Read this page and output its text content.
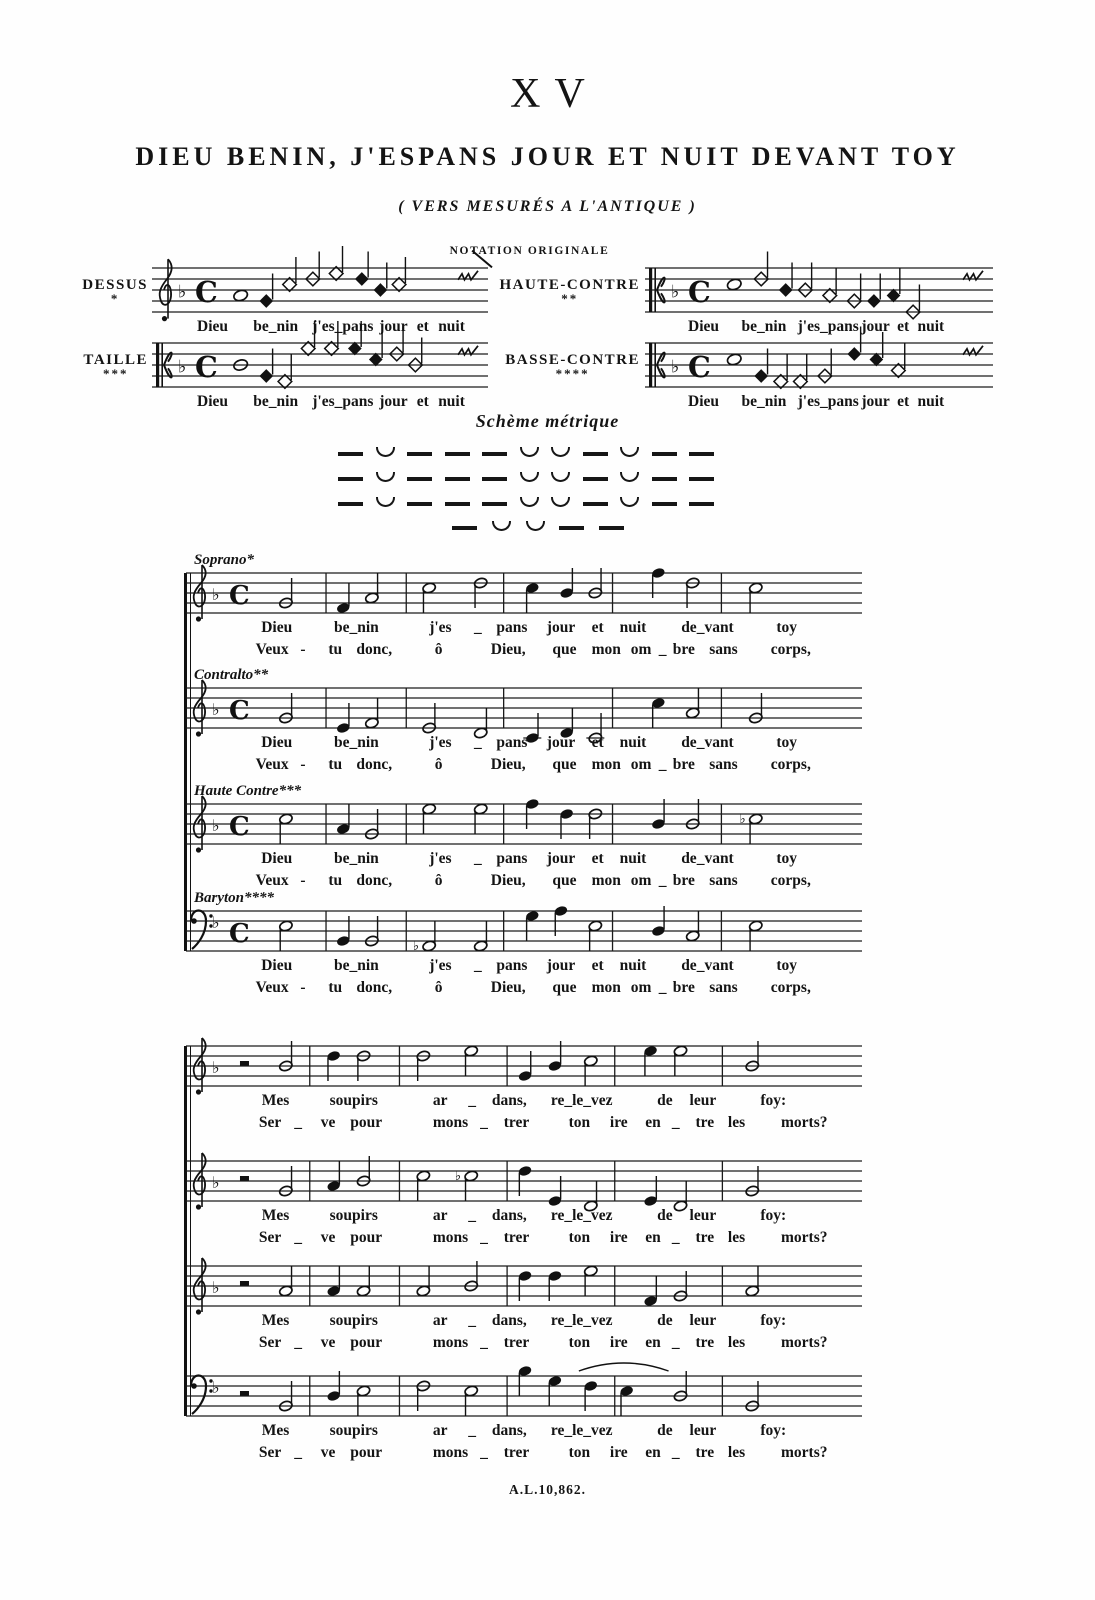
XV
DIEU BENIN, J'ESPANS JOUR ET NUIT DEVANT TOY
( VERS MESURÉS A L'ANTIQUE )
NOTATION ORIGINALE
Schème métrique
A.L.10,862.
DESSUS
*	♭ C
Dieu be_nin j'es_pans jour et nuit
HAUTE-CONTRE
**	♭ C
Dieu be_nin j'es_pans jour et nuit
TAILLE
***	♭ C
Dieu be_nin j'es_pans jour et nuit
BASSE-CONTRE
****	♭ C
Dieu be_nin j'es_pans jour et nuit
Soprano*
♭ C
Dieu	be_nin	j'es _ pans jour et nuit de_vant	toy
Veux - tu donc,	ô	Dieu, que mon om _ bre sans corps,
Contralto**
♭ C
Dieu	be_nin	j'es _ pans jour et nuit de_vant	toy
Veux - tu donc,	ô	Dieu, que mon om _ bre sans corps,
Haute Contre***
♭ C	♭
Dieu	be_nin	j'es _ pans jour et nuit de_vant	toy
Veux - tu donc,	ô	Dieu, que mon om _ bre sans corps,
Baryton****
♭ C	♭
Dieu	be_nin	j'es _ pans jour et nuit de_vant	toy
Veux - tu donc,	ô	Dieu, que mon om _ bre sans corps,
♭
Mes	soupirs	ar _ dans, re_le_vez	de leur	foy:
Ser _ ve pour	mons _ trer	ton ire en _ tre les morts?
♭	♭
Mes	soupirs	ar _ dans, re_le_vez	de leur	foy:
Ser _ ve pour	mons _ trer	ton ire en _ tre les morts?
♭
Mes	soupirs	ar _ dans, re_le_vez	de leur	foy:
Ser _ ve pour	mons _ trer	ton ire en _ tre les morts?
♭
Mes	soupirs	ar _ dans, re_le_vez	de leur	foy:
Ser _ ve pour	mons _ trer	ton ire en _ tre les morts?
